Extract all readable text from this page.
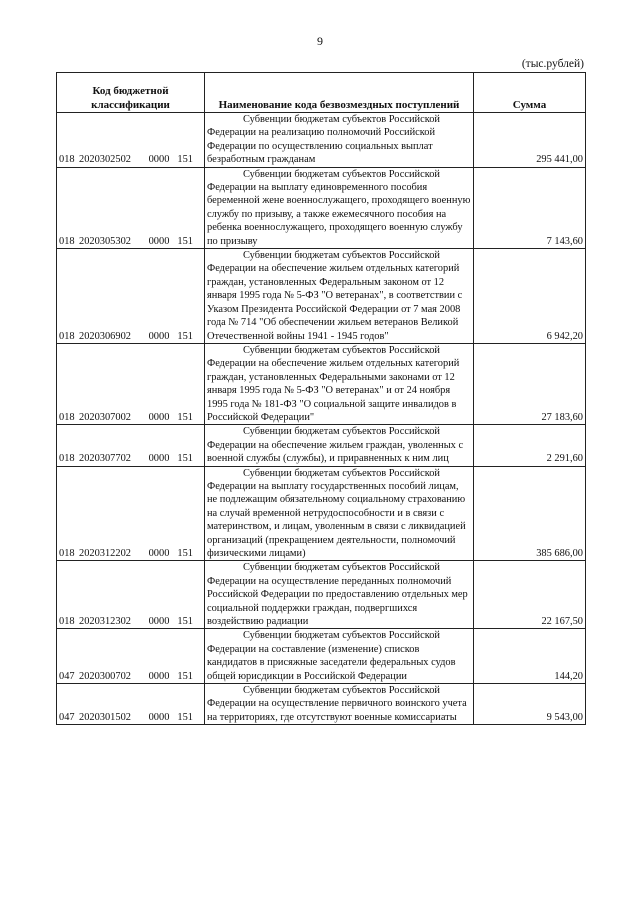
9
(тыс.рублей)
Код бюджетной классификации	Наименование кода безвозмездных поступлений	Сумма
018 2020302502 0000 151	Субвенции бюджетам субъектов Российской Федерации на реализацию полномочий Российской Федерации по осуществлению социальных выплат безработным гражданам	295 441,00
018 2020305302 0000 151	Субвенции бюджетам субъектов Российской Федерации на выплату единовременного пособия беременной жене военнослужащего, проходящего военную службу по призыву, а также ежемесячного пособия на ребенка военнослужащего, проходящего военную службу по призыву	7 143,60
018 2020306902 0000 151	Субвенции бюджетам субъектов Российской Федерации на обеспечение жильем отдельных категорий граждан, установленных Федеральным законом от 12 января 1995 года № 5-ФЗ "О ветеранах", в соответствии с Указом Президента Российской Федерации от 7 мая 2008 года № 714 "Об обеспечении жильем ветеранов Великой Отечественной войны 1941 - 1945 годов"	6 942,20
018 2020307002 0000 151	Субвенции бюджетам субъектов Российской Федерации на обеспечение жильем отдельных категорий граждан, установленных Федеральными законами от 12 января 1995 года № 5-ФЗ "О ветеранах" и от 24 ноября 1995 года № 181-ФЗ "О социальной защите инвалидов в Российской Федерации"	27 183,60
018 2020307702 0000 151	Субвенции бюджетам субъектов Российской Федерации на обеспечение жильем граждан, уволенных с военной службы (службы), и приравненных к ним лиц	2 291,60
018 2020312202 0000 151	Субвенции бюджетам субъектов Российской Федерации на выплату государственных пособий лицам, не подлежащим обязательному социальному страхованию на случай временной нетрудоспособности и в связи с материнством, и лицам, уволенным в связи с ликвидацией организаций (прекращением деятельности, полномочий физическими лицами)	385 686,00
018 2020312302 0000 151	Субвенции бюджетам субъектов Российской Федерации на осуществление переданных полномочий Российской Федерации по предоставлению отдельных мер социальной поддержки граждан, подвергшихся воздействию радиации	22 167,50
047 2020300702 0000 151	Субвенции бюджетам субъектов Российской Федерации на составление (изменение) списков кандидатов в присяжные заседатели федеральных судов общей юрисдикции в Российской Федерации	144,20
047 2020301502 0000 151	Субвенции бюджетам субъектов Российской Федерации на осуществление первичного воинского учета на территориях, где отсутствуют военные комиссариаты	9 543,00
